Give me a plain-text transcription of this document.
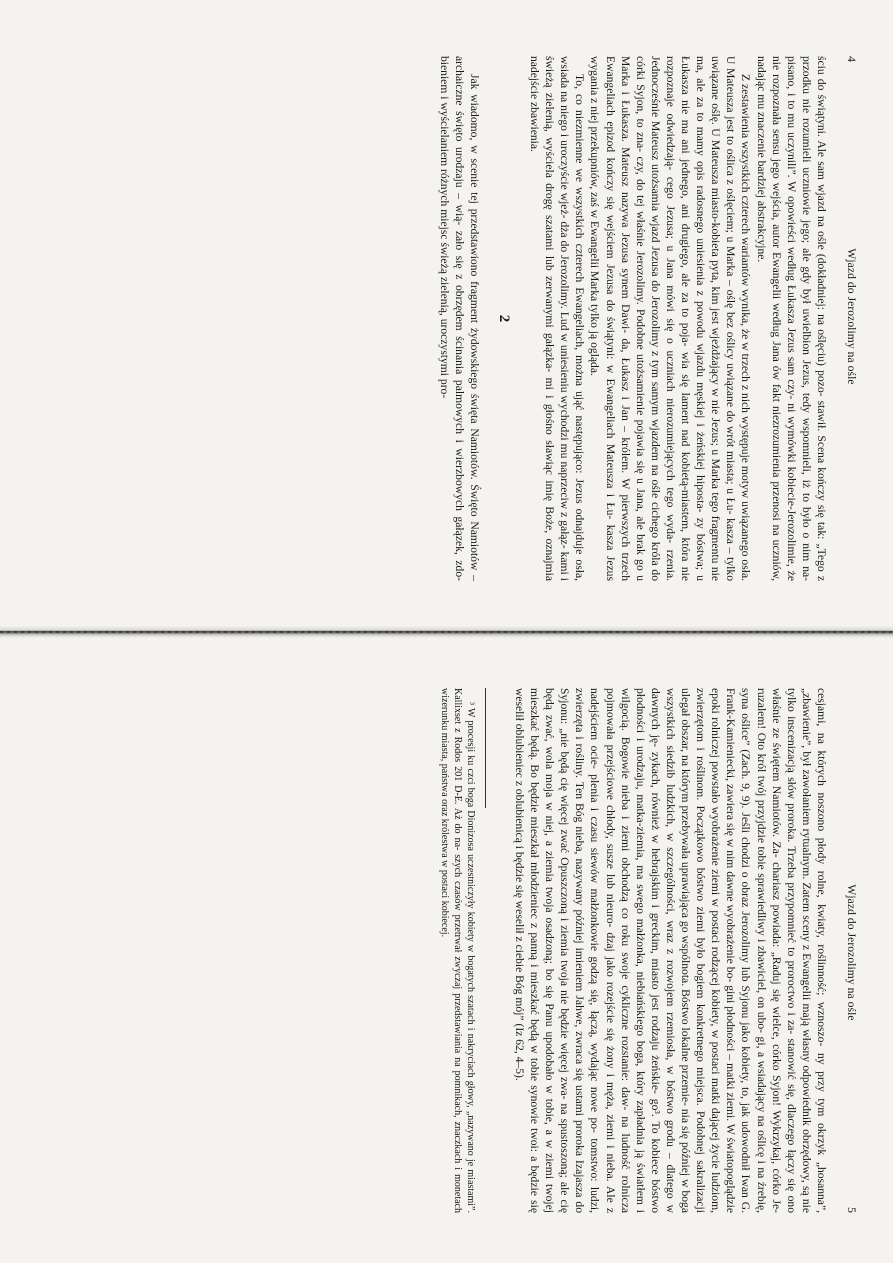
4
Wjazd do Jerozolimy na ośle

ściu do świątyni. Ale sam wjazd na ośle (dokładniej: na oślęciu) pozo- stawił. Scena kończy się tak: „Tego z przodku nie rozumieli uczniowie jego; ale gdy był uwielbion Jezus, tedy wspomnieli, iż to było o nim na- pisano, i to mu uczynili”. W opowieści według Łukasza Jezus sam czy- ni wymówki kobiecie-Jerozolimie, że nie rozpoznała sensu jego wejścia, autor Ewangelii według Jana ów fakt niezrozumienia przenosi na uczniów, nadając mu znaczenie bardziej abstrakcyjne.

Z zestawienia wszystkich czterech wariantów wynika, że w trzech z nich występuje motyw uwiązanego osła. U Mateusza jest to oślica z oślęciem; u Marka – oślę bez oślicy uwiązane do wrót miasta; u Łu- kasza – tylko uwiązane oślę. U Mateusza miasto-kobieta pyta, kim jest wjeżdżający w nie Jezus; u Marka tego fragmentu nie ma, ale za to mamy opis radosnego uniesienia z powodu wjazdu męskiej i żeńskiej hiposta- zy bóstwa; u Łukasza nie ma ani jednego, ani drugiego, ale za to poja- wia się lament nad kobietą-miastem, która nie rozpoznaje odwiedzają- cego Jezusa; u Jana mówi się o uczniach nierozumiejących tego wyda- rzenia. Jednocześnie Mateusz utożsamia wjazd Jezusa do Jerozolimy z tym samym wjazdem na ośle cichego króla do córki Syjon, to zna- czy, do tej właśnie Jerozolimy. Podobne utożsamienie pojawia się u Jana, ale brak go u Marka i Łukasza. Mateusz nazywa Jezusa synem Dawi- da, Łukasz i Jan – królem. W pierwszych trzech Ewangeliach epizod kończy się wejściem Jezusa do świątyni: w Ewangeliach Mateusza i Łu- kasza Jezus wygania z niej przekupniów, zaś w Ewangelii Marka tylko ją ogląda.

To, co niezmienne we wszystkich czterech Ewangeliach, można ująć następująco: Jezus odnajduje osła, wsiada na niego i uroczyście wjeż- dża do Jerozolimy. Lud w uniesieniu wychodzi mu naprzeciw z gałąz- kami i świeżą zielenią, wyściela drogę szatami lub zerwanymi gałązka- mi i głośno sławiąc imię Boże, oznajmia nadejście zbawienia.

2

Jak wiadomo, w scenie tej przedstawiono fragment żydowskiego święta Namiotów. Święto Namiotów – archaiczne święto urodzaju – wią- zało się z obrzędem ścinania palmowych i wierzbowych gałązek, zdo- bieniem i wyścielaniem różnych miejsc świeżą zielenią, uroczystymi pro-

Wjazd do Jerozolimy na ośle
5

cesjami, na których noszono płody rolne, kwiaty, roślinność; wznoszo- ny przy tym okrzyk „hosanna”, „zbawienie”, był zawołaniem rytualnym. Zatem sceny z Ewangelii mają własny odpowiednik obrzędowy, są nie tylko inscenizacją słów proroka. Trzeba przypomnieć to proroctwo i za- stanowić się, dlaczego łączy się ono właśnie ze świętem Namiotów. Za- chariasz powiada: „Raduj się wielce, córko Syjon! Wykrzykaj, córko Je- ruzalem! Oto król twój przyjdzie tobie sprawiedliwy i zbawiciel, on ubo- gi, a wsiadający na oślicę i na źrebię, syna oślice” (Zach. 9, 9). Jeśli chodzi o obraz Jerozolimy lub Syjonu jako kobiety, to, jak udowodnił Iwan G. Frank-Kamieniecki, zawiera się w nim dawne wyobrażenie bo- gini płodności – matki ziemi. W światopoglądzie epoki rolniczej powstało wyobrażenie ziemi w postaci rodzącej kobiety, w postaci matki dającej życie ludziom, zwierzętom i roślinom. Początkowo bóstwo ziemi było bogiem konkretnego miejsca. Podobnej sakralizacji ulegał obszar, na którym przebywała uprawiająca go wspólnota. Bóstwo lokalne przemie- nia się później w boga wszystkich siedzib ludzkich, w szczególności, wraz z rozwojem rzemiosła, w bóstwo grodu – dlatego w dawnych ję- zykach, również w hebrajskim i greckim, miasto jest rodzaju żeńskie- go³. To kobiece bóstwo płodności i urodzaju, matka-ziemia, ma swego małżonka, niebiańskiego boga, który zapładnia ją światłem i wilgocią. Bogowie nieba i ziemi obchodzą co roku swoje cykliczne rozstanie: daw- na ludność rolnicza pojmowała przejściowe chłody, susze lub nieuro- dzaj jako rozejście się żony i męża, ziemi i nieba. Ale z nadejściem ocie- plenia i czasu siewów małżonkowie godzą się, łączą, wydając nowe po- tomstwo: ludzi, zwierzęta i rośliny. Ten Bóg nieba, nazywany później imieniem Jahwe, zwraca się ustami proroka Izajasza do Syjonu: „nie będą cię więcej zwać Opuszczoną i ziemia twoja nie będzie więcej zwa- na spustoszoną; ale cię będą zwać, wola moja w niej, a ziemia twoja osadzoną; bo się Panu upodobało w tobie, a w ziemi twojej mieszkać będą. Bo będzie mieszkał młodzieniec z panną i mieszkać będą w tobie synowie twoi: a będzie się weselił oblubieniec z oblubienicą i będzie się weselił z ciebie Bóg mój” (Iz 62, 4–5).

³ W procesji ku czci boga Dionizosa uczestniczyły kobiety w bogatych szatach i nakryciach głowy, „nazywano je miastami”. Kallixset z Rodos 201 D-E. Aż do na- szych czasów przetrwał zwyczaj przedstawiania na pomnikach, znaczkach i monetach wizerunku miasta, państwa oraz królestwa w postaci kobiecej.
